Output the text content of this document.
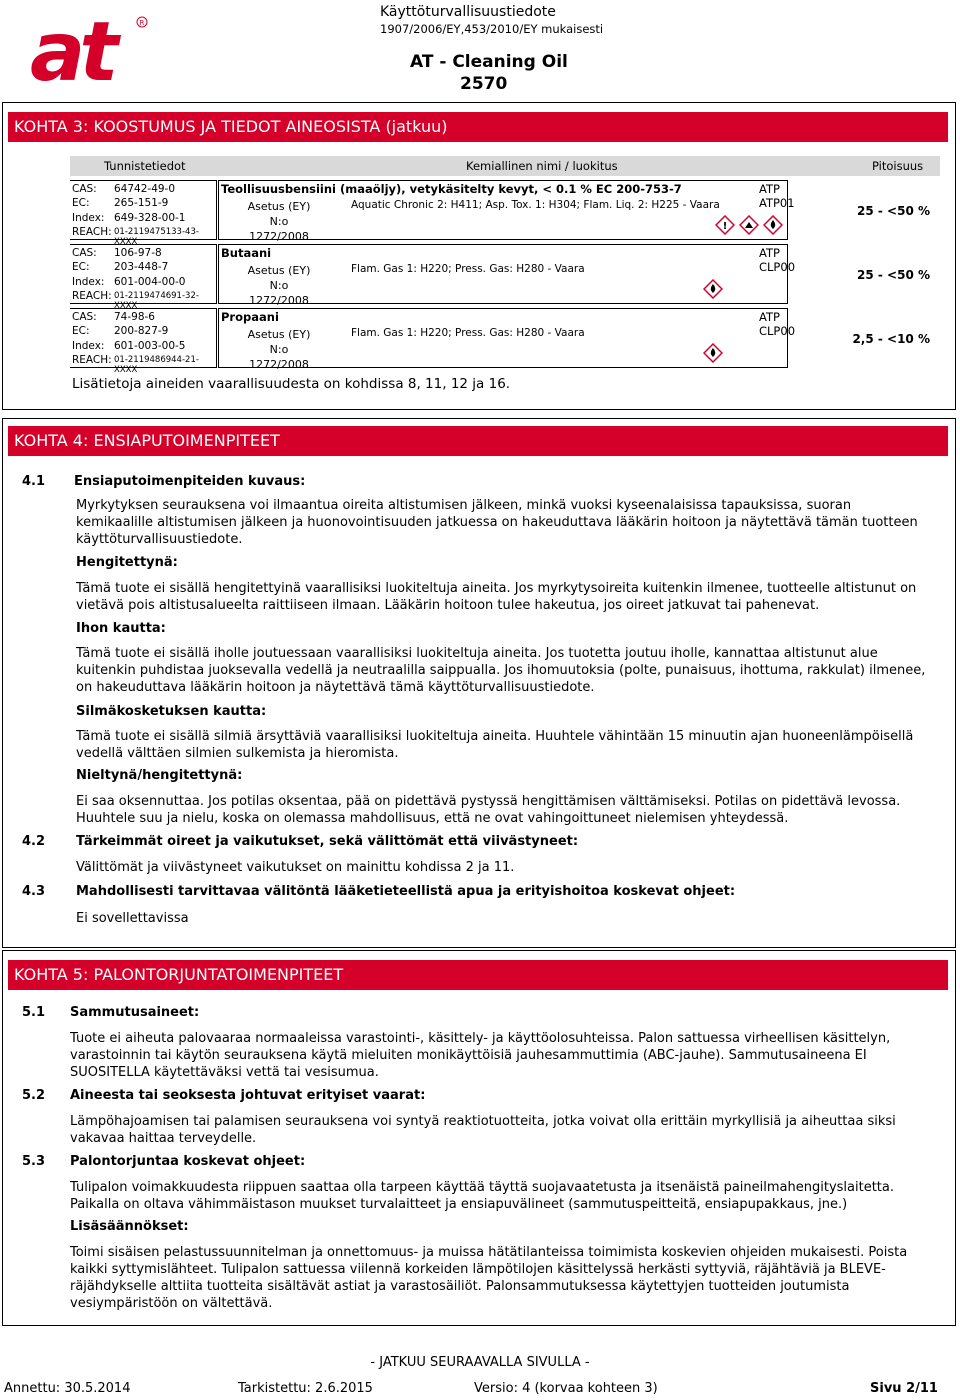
at	R
Käyttöturvallisuustiedote
1907/2006/EY,453/2010/EY mukaisesti
AT - Cleaning Oil
2570
KOHTA 3: KOOSTUMUS JA TIEDOT AINEOSISTA (jatkuu)
Tunnistetiedot	Kemiallinen nimi / luokitus	Pitoisuus
CAS: 64742-49-0
EC: 265-151-9
Index: 649-328-00-1
REACH: 01-2119475133-43-XXXX
Teollisuusbensiini (maaöljy), vetykäsitelty kevyt, < 0.1 % EC 200-753-7	ATP ATP01
Asetus (EY) N:o
1272/2008
Aquatic Chronic 2: H411; Asp. Tox. 1: H304; Flam. Liq. 2: H225 - Vaara
!
25 - <50 %
CAS: 106-97-8
EC: 203-448-7
Index: 601-004-00-0
REACH: 01-2119474691-32-XXXX
Butaani	ATP CLP00
Asetus (EY) N:o
1272/2008
Flam. Gas 1: H220; Press. Gas: H280 - Vaara	25 - <50 %
CAS: 74-98-6
EC: 200-827-9
Index: 601-003-00-5
REACH: 01-2119486944-21-XXXX
Propaani	ATP CLP00
Asetus (EY) N:o
1272/2008
Flam. Gas 1: H220; Press. Gas: H280 - Vaara	2,5 - <10 %
Lisätietoja aineiden vaarallisuudesta on kohdissa 8, 11, 12 ja 16.
KOHTA 4: ENSIAPUTOIMENPITEET
4.1 Ensiaputoimenpiteiden kuvaus:
Myrkytyksen seurauksena voi ilmaantua oireita altistumisen jälkeen, minkä vuoksi kyseenalaisissa tapauksissa, suoran kemikaalille altistumisen jälkeen ja huonovointisuuden jatkuessa on hakeuduttava lääkärin hoitoon ja näytettävä tämän tuotteen käyttöturvallisuustiedote.
Hengitettynä:
Tämä tuote ei sisällä hengitettyinä vaarallisiksi luokiteltuja aineita. Jos myrkytysoireita kuitenkin ilmenee, tuotteelle altistunut on vietävä pois altistusalueelta raittiiseen ilmaan. Lääkärin hoitoon tulee hakeutua, jos oireet jatkuvat tai pahenevat.
Ihon kautta:
Tämä tuote ei sisällä iholle joutuessaan vaarallisiksi luokiteltuja aineita. Jos tuotetta joutuu iholle, kannattaa altistunut alue kuitenkin puhdistaa juoksevalla vedellä ja neutraalilla saippualla. Jos ihomuutoksia (polte, punaisuus, ihottuma, rakkulat) ilmenee, on hakeuduttava lääkärin hoitoon ja näytettävä tämä käyttöturvallisuustiedote.
Silmäkosketuksen kautta:
Tämä tuote ei sisällä silmiä ärsyttäviä vaarallisiksi luokiteltuja aineita. Huuhtele vähintään 15 minuutin ajan huoneenlämpöisellä vedellä välttäen silmien sulkemista ja hieromista.
Nieltynä/hengitettynä:
Ei saa oksennuttaa. Jos potilas oksentaa, pää on pidettävä pystyssä hengittämisen välttämiseksi. Potilas on pidettävä levossa. Huuhtele suu ja nielu, koska on olemassa mahdollisuus, että ne ovat vahingoittuneet nielemisen yhteydessä.
4.2 Tärkeimmät oireet ja vaikutukset, sekä välittömät että viivästyneet:
Välittömät ja viivästyneet vaikutukset on mainittu kohdissa 2 ja 11.
4.3 Mahdollisesti tarvittavaa välitöntä lääketieteellistä apua ja erityishoitoa koskevat ohjeet:
Ei sovellettavissa
KOHTA 5: PALONTORJUNTATOIMENPITEET
5.1 Sammutusaineet:
Tuote ei aiheuta palovaaraa normaaleissa varastointi-, käsittely- ja käyttöolosuhteissa. Palon sattuessa virheellisen käsittelyn, varastoinnin tai käytön seurauksena käytä mieluiten monikäyttöisiä jauhesammuttimia (ABC-jauhe). Sammutusaineena EI SUOSITELLA käytettäväksi vettä tai vesisumua.
5.2 Aineesta tai seoksesta johtuvat erityiset vaarat:
Lämpöhajoamisen tai palamisen seurauksena voi syntyä reaktiotuotteita, jotka voivat olla erittäin myrkyllisiä ja aiheuttaa siksi vakavaa haittaa terveydelle.
5.3 Palontorjuntaa koskevat ohjeet:
Tulipalon voimakkuudesta riippuen saattaa olla tarpeen käyttää täyttä suojavaatetusta ja itsenäistä paineilmahengityslaitetta. Paikalla on oltava vähimmäistason muukset turvalaitteet ja ensiapuvälineet (sammutuspeitteitä, ensiapupakkaus, jne.)
Lisäsäännökset:
Toimi sisäisen pelastussuunnitelman ja onnettomuus- ja muissa hätätilanteissa toimimista koskevien ohjeiden mukaisesti. Poista kaikki syttymislähteet. Tulipalon sattuessa viilennä korkeiden lämpötilojen käsittelyssä herkästi syttyviä, räjähtäviä ja BLEVE-räjähdykselle alttiita tuotteita sisältävät astiat ja varastosäiliöt. Palonsammutuksessa käytettyjen tuotteiden joutumista vesiympäristöön on vältettävä.
- JATKUU SEURAAVALLA SIVULLA -
Annettu: 30.5.2014	Tarkistettu: 2.6.2015	Versio: 4 (korvaa kohteen 3)	Sivu 2/11
